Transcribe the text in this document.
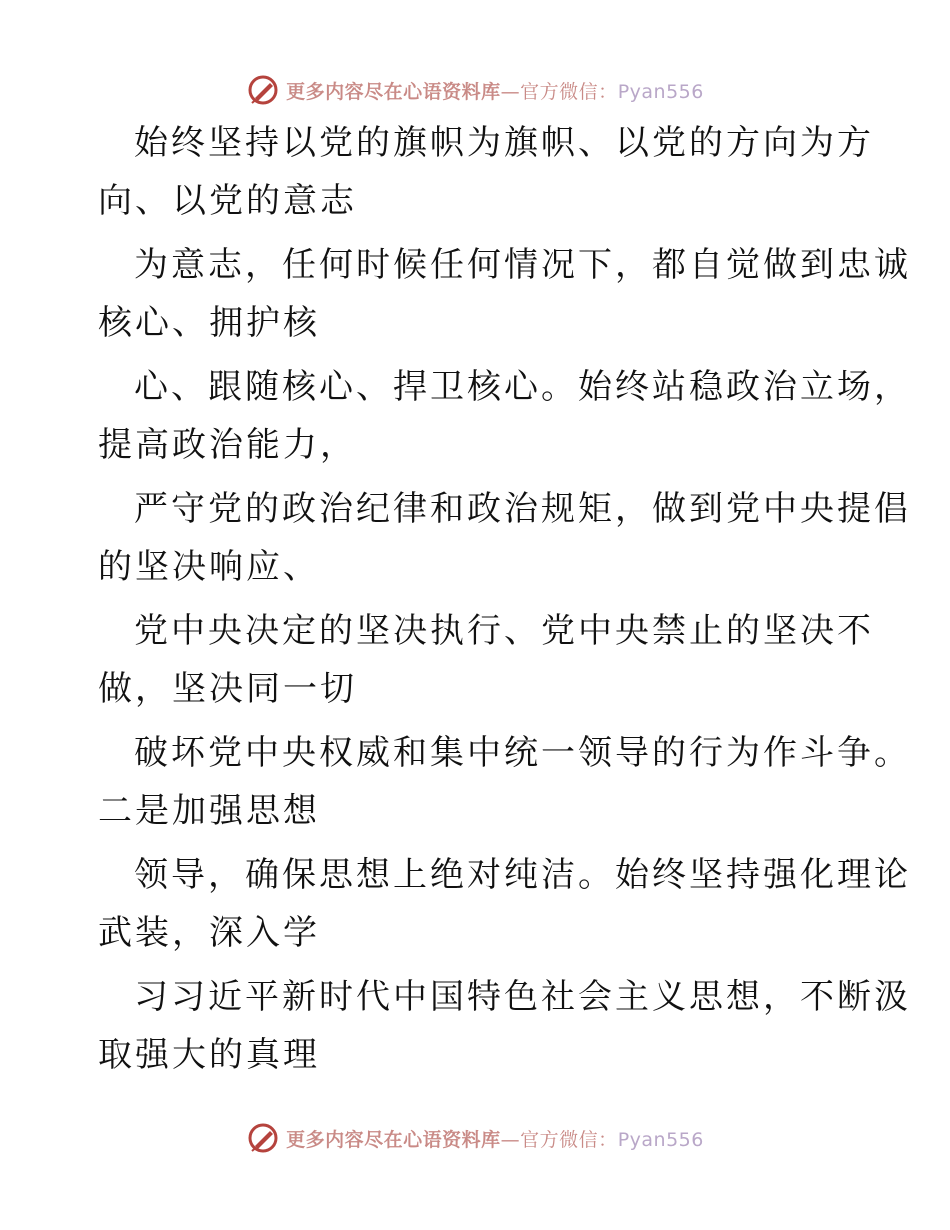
更多内容尽在心语资料库—官方微信：Pyan556
始终坚持以党的旗帜为旗帜、以党的方向为方
向、以党的意志
为意志，任何时候任何情况下，都自觉做到忠诚
核心、拥护核
心、跟随核心、捍卫核心。始终站稳政治立场，
提高政治能力，
严守党的政治纪律和政治规矩，做到党中央提倡
的坚决响应、
党中央决定的坚决执行、党中央禁止的坚决不
做，坚决同一切
破坏党中央权威和集中统一领导的行为作斗争。
二是加强思想
领导，确保思想上绝对纯洁。始终坚持强化理论
武装，深入学
习习近平新时代中国特色社会主义思想，不断汲
取强大的真理
更多内容尽在心语资料库—官方微信：Pyan556
